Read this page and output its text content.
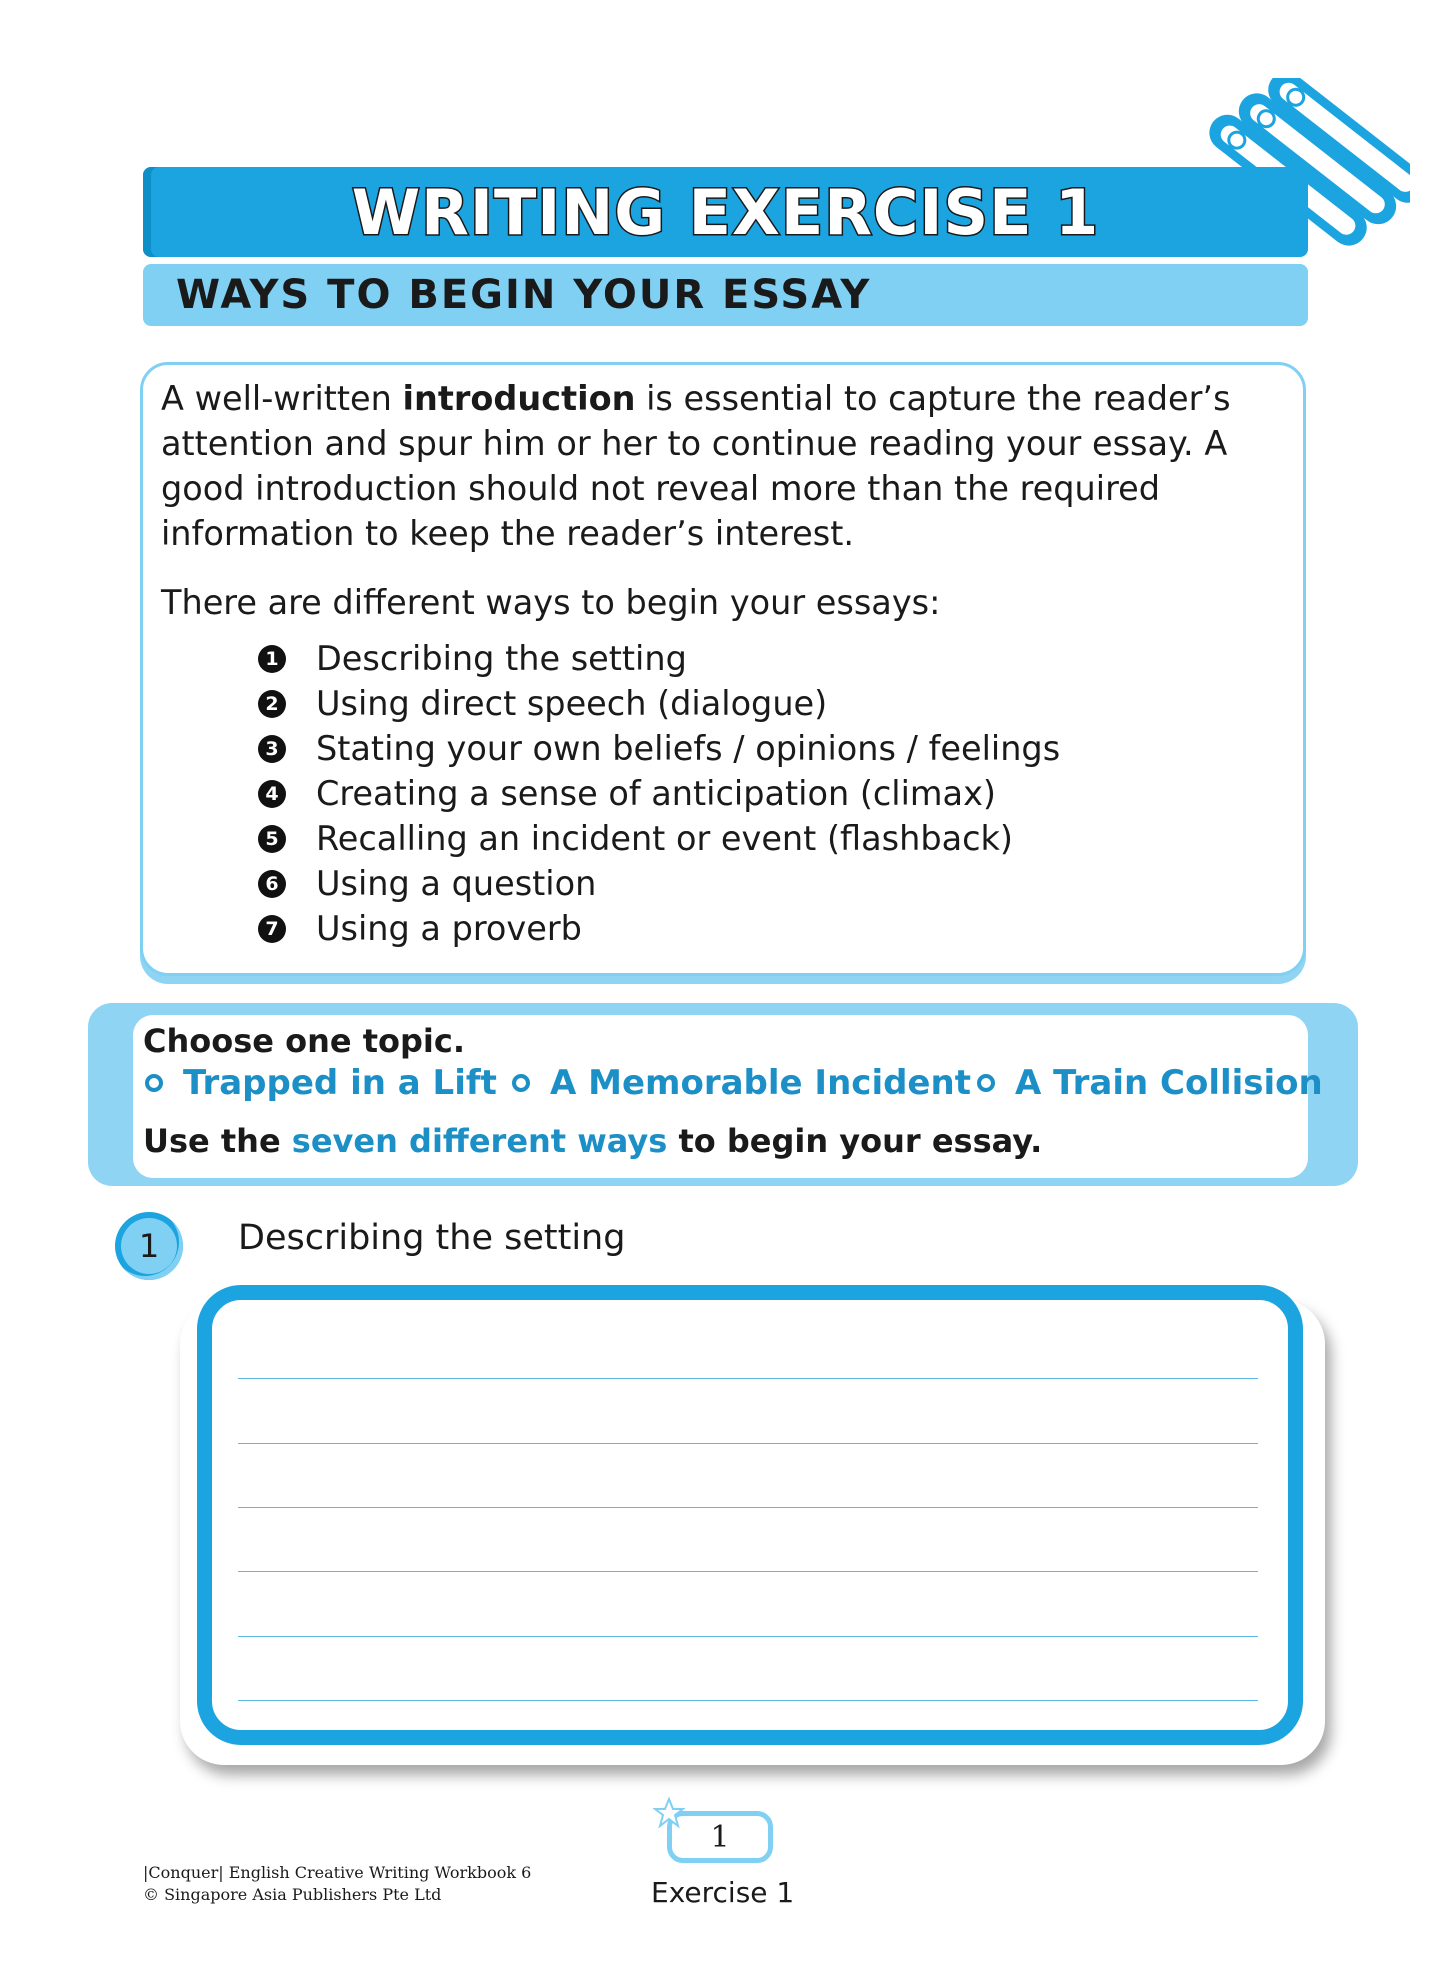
WRITING EXERCISE 1
WAYS TO BEGIN YOUR ESSAY
A well-written introduction is essential to capture the reader’s attention and spur him or her to continue reading your essay. A good introduction should not reveal more than the required information to keep the reader’s interest.
There are different ways to begin your essays:
1 Describing the setting
2 Using direct speech (dialogue)
3 Stating your own beliefs / opinions / feelings
4 Creating a sense of anticipation (climax)
5 Recalling an incident or event (flashback)
6 Using a question
7 Using a proverb
Choose one topic.
Trapped in a Lift A Memorable Incident A Train Collision
Use the seven different ways to begin your essay.
1	Describing the setting
1
Exercise 1
|Conquer| English Creative Writing Workbook 6
© Singapore Asia Publishers Pte Ltd
